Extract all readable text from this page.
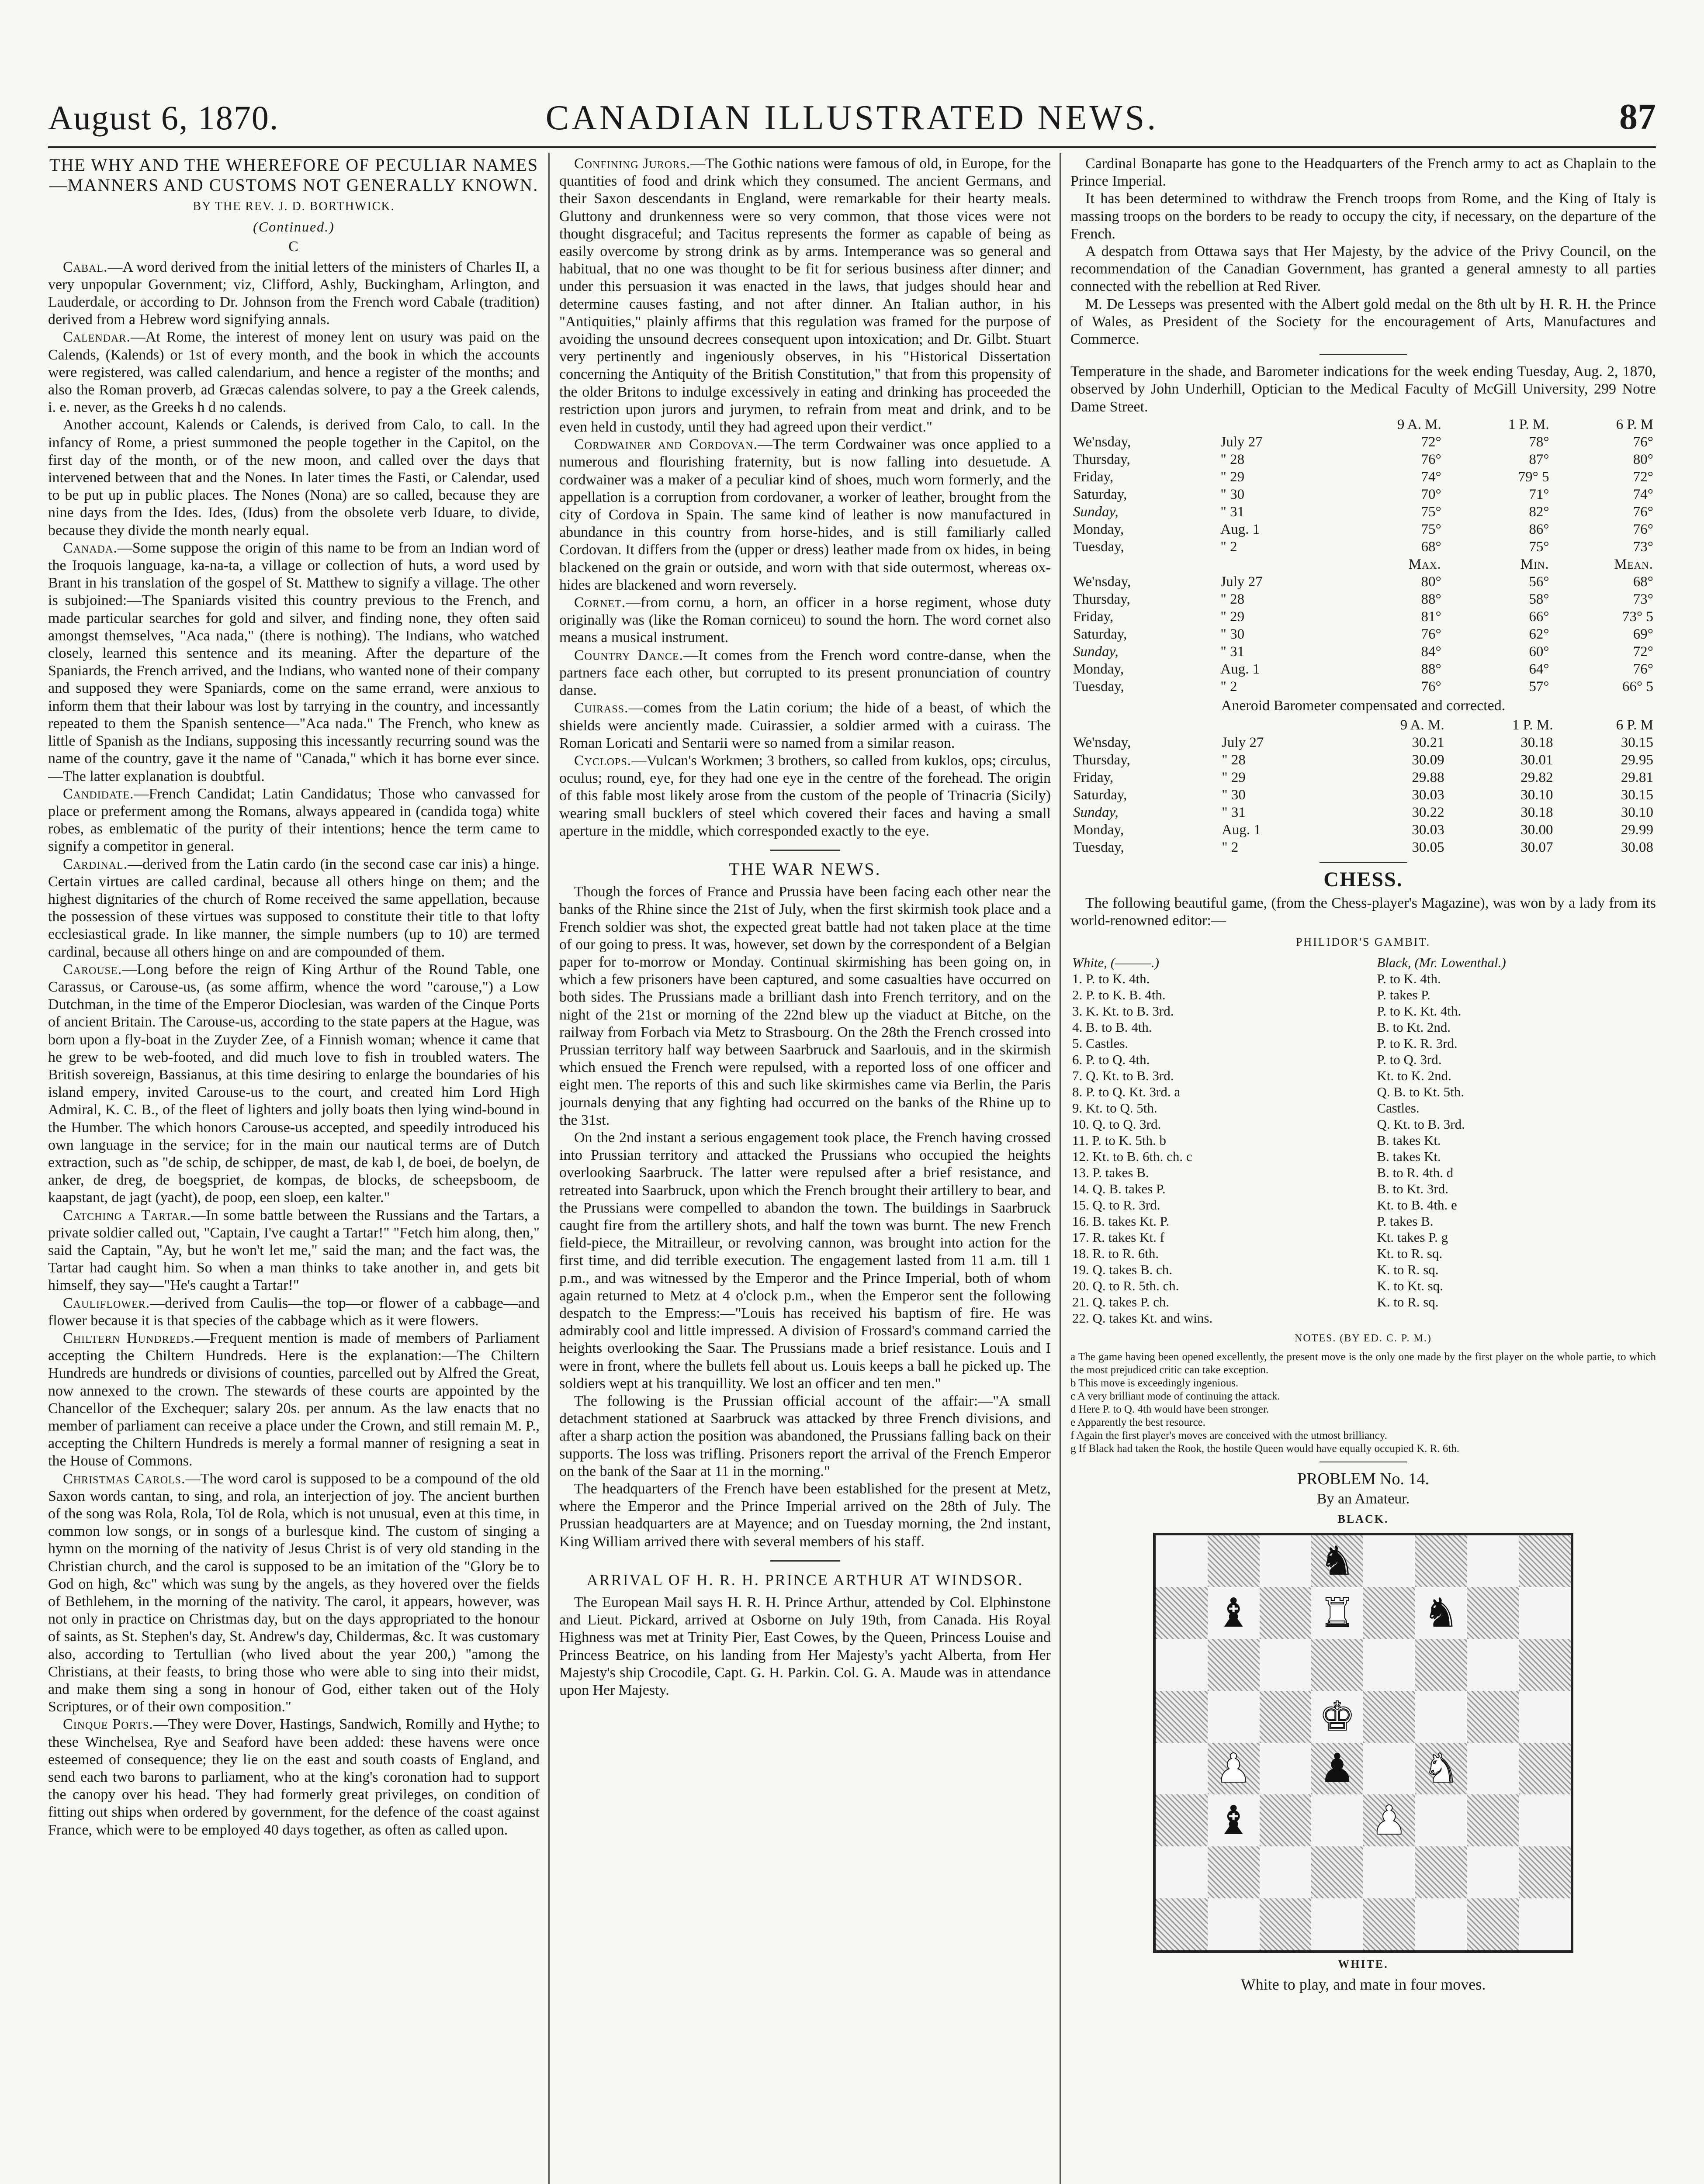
August 6, 1870.	CANADIAN ILLUSTRATED NEWS.	87
THE WHY AND THE WHEREFORE OF PECULIAR NAMES—MANNERS AND CUSTOMS NOT GENERALLY KNOWN.
BY THE REV. J. D. BORTHWICK.
(Continued.)
C

Cabal.—A word derived from the initial letters of the ministers of Charles II, a very unpopular Government; viz, Clifford, Ashly, Buckingham, Arlington, and Lauderdale, or according to Dr. Johnson from the French word Cabale (tradition) derived from a Hebrew word signifying annals.

Calendar.—At Rome, the interest of money lent on usury was paid on the Calends, (Kalends) or 1st of every month, and the book in which the accounts were registered, was called calendarium, and hence a register of the months; and also the Roman proverb, ad Græcas calendas solvere, to pay a the Greek calends, i. e. never, as the Greeks h d no calends.

Another account, Kalends or Calends, is derived from Calo, to call. In the infancy of Rome, a priest summoned the people together in the Capitol, on the first day of the month, or of the new moon, and called over the days that intervened between that and the Nones. In later times the Fasti, or Calendar, used to be put up in public places. The Nones (Nona) are so called, because they are nine days from the Ides. Ides, (Idus) from the obsolete verb Iduare, to divide, because they divide the month nearly equal.

Canada.—Some suppose the origin of this name to be from an Indian word of the Iroquois language, ka-na-ta, a village or collection of huts, a word used by Brant in his translation of the gospel of St. Matthew to signify a village. The other is subjoined:—The Spaniards visited this country previous to the French, and made particular searches for gold and silver, and finding none, they often said amongst themselves, "Aca nada," (there is nothing). The Indians, who watched closely, learned this sentence and its meaning. After the departure of the Spaniards, the French arrived, and the Indians, who wanted none of their company and supposed they were Spaniards, come on the same errand, were anxious to inform them that their labour was lost by tarrying in the country, and incessantly repeated to them the Spanish sentence—"Aca nada." The French, who knew as little of Spanish as the Indians, supposing this incessantly recurring sound was the name of the country, gave it the name of "Canada," which it has borne ever since.—The latter explanation is doubtful.

Candidate.—French Candidat; Latin Candidatus; Those who canvassed for place or preferment among the Romans, always appeared in (candida toga) white robes, as emblematic of the purity of their intentions; hence the term came to signify a competitor in general.

Cardinal.—derived from the Latin cardo (in the second case car inis) a hinge. Certain virtues are called cardinal, because all others hinge on them; and the highest dignitaries of the church of Rome received the same appellation, because the possession of these virtues was supposed to constitute their title to that lofty ecclesiastical grade. In like manner, the simple numbers (up to 10) are termed cardinal, because all others hinge on and are compounded of them.

Carouse.—Long before the reign of King Arthur of the Round Table, one Carassus, or Carouse-us, (as some affirm, whence the word "carouse,") a Low Dutchman, in the time of the Emperor Dioclesian, was warden of the Cinque Ports of ancient Britain. The Carouse-us, according to the state papers at the Hague, was born upon a fly-boat in the Zuyder Zee, of a Finnish woman; whence it came that he grew to be web-footed, and did much love to fish in troubled waters. The British sovereign, Bassianus, at this time desiring to enlarge the boundaries of his island empery, invited Carouse-us to the court, and created him Lord High Admiral, K. C. B., of the fleet of lighters and jolly boats then lying wind-bound in the Humber. The which honors Carouse-us accepted, and speedily introduced his own language in the service; for in the main our nautical terms are of Dutch extraction, such as "de schip, de schipper, de mast, de kab l, de boei, de boelyn, de anker, de dreg, de boegspriet, de kompas, de blocks, de scheepsboom, de kaapstant, de jagt (yacht), de poop, een sloep, een kalter."

Catching a Tartar.—In some battle between the Russians and the Tartars, a private soldier called out, "Captain, I've caught a Tartar!" "Fetch him along, then," said the Captain, "Ay, but he won't let me," said the man; and the fact was, the Tartar had caught him. So when a man thinks to take another in, and gets bit himself, they say—"He's caught a Tartar!"

Cauliflower.—derived from Caulis—the top—or flower of a cabbage—and flower because it is that species of the cabbage which as it were flowers.

Chiltern Hundreds.—Frequent mention is made of members of Parliament accepting the Chiltern Hundreds. Here is the explanation:—The Chiltern Hundreds are hundreds or divisions of counties, parcelled out by Alfred the Great, now annexed to the crown. The stewards of these courts are appointed by the Chancellor of the Exchequer; salary 20s. per annum. As the law enacts that no member of parliament can receive a place under the Crown, and still remain M. P., accepting the Chiltern Hundreds is merely a formal manner of resigning a seat in the House of Commons.

Christmas Carols.—The word carol is supposed to be a compound of the old Saxon words cantan, to sing, and rola, an interjection of joy. The ancient burthen of the song was Rola, Rola, Tol de Rola, which is not unusual, even at this time, in common low songs, or in songs of a burlesque kind. The custom of singing a hymn on the morning of the nativity of Jesus Christ is of very old standing in the Christian church, and the carol is supposed to be an imitation of the "Glory be to God on high, &c" which was sung by the angels, as they hovered over the fields of Bethlehem, in the morning of the nativity. The carol, it appears, however, was not only in practice on Christmas day, but on the days appropriated to the honour of saints, as St. Stephen's day, St. Andrew's day, Childermas, &c. It was customary also, according to Tertullian (who lived about the year 200,) "among the Christians, at their feasts, to bring those who were able to sing into their midst, and make them sing a song in honour of God, either taken out of the Holy Scriptures, or of their own composition."

Cinque Ports.—They were Dover, Hastings, Sandwich, Romilly and Hythe; to these Winchelsea, Rye and Seaford have been added: these havens were once esteemed of consequence; they lie on the east and south coasts of England, and send each two barons to parliament, who at the king's coronation had to support the canopy over his head. They had formerly great privileges, on condition of fitting out ships when ordered by government, for the defence of the coast against France, which were to be employed 40 days together, as often as called upon.

Confining Jurors.—The Gothic nations were famous of old, in Europe, for the quantities of food and drink which they consumed. The ancient Germans, and their Saxon descendants in England, were remarkable for their hearty meals. Gluttony and drunkenness were so very common, that those vices were not thought disgraceful; and Tacitus represents the former as capable of being as easily overcome by strong drink as by arms. Intemperance was so general and habitual, that no one was thought to be fit for serious business after dinner; and under this persuasion it was enacted in the laws, that judges should hear and determine causes fasting, and not after dinner. An Italian author, in his "Antiquities," plainly affirms that this regulation was framed for the purpose of avoiding the unsound decrees consequent upon intoxication; and Dr. Gilbt. Stuart very pertinently and ingeniously observes, in his "Historical Dissertation concerning the Antiquity of the British Constitution," that from this propensity of the older Britons to indulge excessively in eating and drinking has proceeded the restriction upon jurors and jurymen, to refrain from meat and drink, and to be even held in custody, until they had agreed upon their verdict."

Cordwainer and Cordovan.—The term Cordwainer was once applied to a numerous and flourishing fraternity, but is now falling into desuetude. A cordwainer was a maker of a peculiar kind of shoes, much worn formerly, and the appellation is a corruption from cordovaner, a worker of leather, brought from the city of Cordova in Spain. The same kind of leather is now manufactured in abundance in this country from horse-hides, and is still familiarly called Cordovan. It differs from the (upper or dress) leather made from ox hides, in being blackened on the grain or outside, and worn with that side outermost, whereas ox-hides are blackened and worn reversely.

Cornet.—from cornu, a horn, an officer in a horse regiment, whose duty originally was (like the Roman corniceu) to sound the horn. The word cornet also means a musical instrument.

Country Dance.—It comes from the French word contre-danse, when the partners face each other, but corrupted to its present pronunciation of country danse.

Cuirass.—comes from the Latin corium; the hide of a beast, of which the shields were anciently made. Cuirassier, a soldier armed with a cuirass. The Roman Loricati and Sentarii were so named from a similar reason.

Cyclops.—Vulcan's Workmen; 3 brothers, so called from kuklos, ops; circulus, oculus; round, eye, for they had one eye in the centre of the forehead. The origin of this fable most likely arose from the custom of the people of Trinacria (Sicily) wearing small bucklers of steel which covered their faces and having a small aperture in the middle, which corresponded exactly to the eye.

THE WAR NEWS.

Though the forces of France and Prussia have been facing each other near the banks of the Rhine since the 21st of July, when the first skirmish took place and a French soldier was shot, the expected great battle had not taken place at the time of our going to press. It was, however, set down by the correspondent of a Belgian paper for to-morrow or Monday. Continual skirmishing has been going on, in which a few prisoners have been captured, and some casualties have occurred on both sides. The Prussians made a brilliant dash into French territory, and on the night of the 21st or morning of the 22nd blew up the viaduct at Bitche, on the railway from Forbach via Metz to Strasbourg. On the 28th the French crossed into Prussian territory half way between Saarbruck and Saarlouis, and in the skirmish which ensued the French were repulsed, with a reported loss of one officer and eight men. The reports of this and such like skirmishes came via Berlin, the Paris journals denying that any fighting had occurred on the banks of the Rhine up to the 31st.

On the 2nd instant a serious engagement took place, the French having crossed into Prussian territory and attacked the Prussians who occupied the heights overlooking Saarbruck. The latter were repulsed after a brief resistance, and retreated into Saarbruck, upon which the French brought their artillery to bear, and the Prussians were compelled to abandon the town. The buildings in Saarbruck caught fire from the artillery shots, and half the town was burnt. The new French field-piece, the Mitrailleur, or revolving cannon, was brought into action for the first time, and did terrible execution. The engagement lasted from 11 a.m. till 1 p.m., and was witnessed by the Emperor and the Prince Imperial, both of whom again returned to Metz at 4 o'clock p.m., when the Emperor sent the following despatch to the Empress:—"Louis has received his baptism of fire. He was admirably cool and little impressed. A division of Frossard's command carried the heights overlooking the Saar. The Prussians made a brief resistance. Louis and I were in front, where the bullets fell about us. Louis keeps a ball he picked up. The soldiers wept at his tranquillity. We lost an officer and ten men."

The following is the Prussian official account of the affair:—"A small detachment stationed at Saarbruck was attacked by three French divisions, and after a sharp action the position was abandoned, the Prussians falling back on their supports. The loss was trifling. Prisoners report the arrival of the French Emperor on the bank of the Saar at 11 in the morning."

The headquarters of the French have been established for the present at Metz, where the Emperor and the Prince Imperial arrived on the 28th of July. The Prussian headquarters are at Mayence; and on Tuesday morning, the 2nd instant, King William arrived there with several members of his staff.

ARRIVAL OF H. R. H. PRINCE ARTHUR AT WINDSOR.

The European Mail says H. R. H. Prince Arthur, attended by Col. Elphinstone and Lieut. Pickard, arrived at Osborne on July 19th, from Canada. His Royal Highness was met at Trinity Pier, East Cowes, by the Queen, Princess Louise and Princess Beatrice, on his landing from Her Majesty's yacht Alberta, from Her Majesty's ship Crocodile, Capt. G. H. Parkin. Col. G. A. Maude was in attendance upon Her Majesty.

Cardinal Bonaparte has gone to the Headquarters of the French army to act as Chaplain to the Prince Imperial.

It has been determined to withdraw the French troops from Rome, and the King of Italy is massing troops on the borders to be ready to occupy the city, if necessary, on the departure of the French.

A despatch from Ottawa says that Her Majesty, by the advice of the Privy Council, on the recommendation of the Canadian Government, has granted a general amnesty to all parties connected with the rebellion at Red River.

M. De Lesseps was presented with the Albert gold medal on the 8th ult by H. R. H. the Prince of Wales, as President of the Society for the encouragement of Arts, Manufactures and Commerce.

Temperature in the shade, and Barometer indications for the week ending Tuesday, Aug. 2, 1870, observed by John Underhill, Optician to the Medical Faculty of McGill University, 299 Notre Dame Street.

		9 A. M.	1 P. M.	6 P. M
We'nsday,	July 27	72°	78°	76°
Thursday,	" 28	76°	87°	80°
Friday,	" 29	74°	79° 5	72°
Saturday,	" 30	70°	71°	74°
Sunday,	" 31	75°	82°	76°
Monday,	Aug. 1	75°	86°	76°
Tuesday,	" 2	68°	75°	73°
		Max.	Min.	Mean.
We'nsday,	July 27	80°	56°	68°
Thursday,	" 28	88°	58°	73°
Friday,	" 29	81°	66°	73° 5
Saturday,	" 30	76°	62°	69°
Sunday,	" 31	84°	60°	72°
Monday,	Aug. 1	88°	64°	76°
Tuesday,	" 2	76°	57°	66° 5
Aneroid Barometer compensated and corrected.
		9 A. M.	1 P. M.	6 P. M
We'nsday,	July 27	30.21	30.18	30.15
Thursday,	" 28	30.09	30.01	29.95
Friday,	" 29	29.88	29.82	29.81
Saturday,	" 30	30.03	30.10	30.15
Sunday,	" 31	30.22	30.18	30.10
Monday,	Aug. 1	30.03	30.00	29.99
Tuesday,	" 2	30.05	30.07	30.08
CHESS.

The following beautiful game, (from the Chess-player's Magazine), was won by a lady from its world-renowned editor:—

PHILIDOR'S GAMBIT.
White, (———.)	Black, (Mr. Lowenthal.)
1. P. to K. 4th.	P. to K. 4th.
2. P. to K. B. 4th.	P. takes P.
3. K. Kt. to B. 3rd.	P. to K. Kt. 4th.
4. B. to B. 4th.	B. to Kt. 2nd.
5. Castles.	P. to K. R. 3rd.
6. P. to Q. 4th.	P. to Q. 3rd.
7. Q. Kt. to B. 3rd.	Kt. to K. 2nd.
8. P. to Q. Kt. 3rd. a	Q. B. to Kt. 5th.
9. Kt. to Q. 5th.	Castles.
10. Q. to Q. 3rd.	Q. Kt. to B. 3rd.
11. P. to K. 5th. b	B. takes Kt.
12. Kt. to B. 6th. ch. c	B. takes Kt.
13. P. takes B.	B. to R. 4th. d
14. Q. B. takes P.	B. to Kt. 3rd.
15. Q. to R. 3rd.	Kt. to B. 4th. e
16. B. takes Kt. P.	P. takes B.
17. R. takes Kt. f	Kt. takes P. g
18. R. to R. 6th.	Kt. to R. sq.
19. Q. takes B. ch.	K. to R. sq.
20. Q. to R. 5th. ch.	K. to Kt. sq.
21. Q. takes P. ch.	K. to R. sq.
22. Q. takes Kt. and wins.	
NOTES. (BY ED. C. P. M.)

a The game having been opened excellently, the present move is the only one made by the first player on the whole partie, to which the most prejudiced critic can take exception.

b This move is exceedingly ingenious.

c A very brilliant mode of continuing the attack.

d Here P. to Q. 4th would have been stronger.

e Apparently the best resource.

f Again the first player's moves are conceived with the utmost brilliancy.

g If Black had taken the Rook, the hostile Queen would have equally occupied K. R. 6th.

PROBLEM No. 14.
By an Amateur.
BLACK.
♞
♝ ♜ ♞
♚
♟ ♟ ♞
♝	♟
WHITE.
White to play, and mate in four moves.
